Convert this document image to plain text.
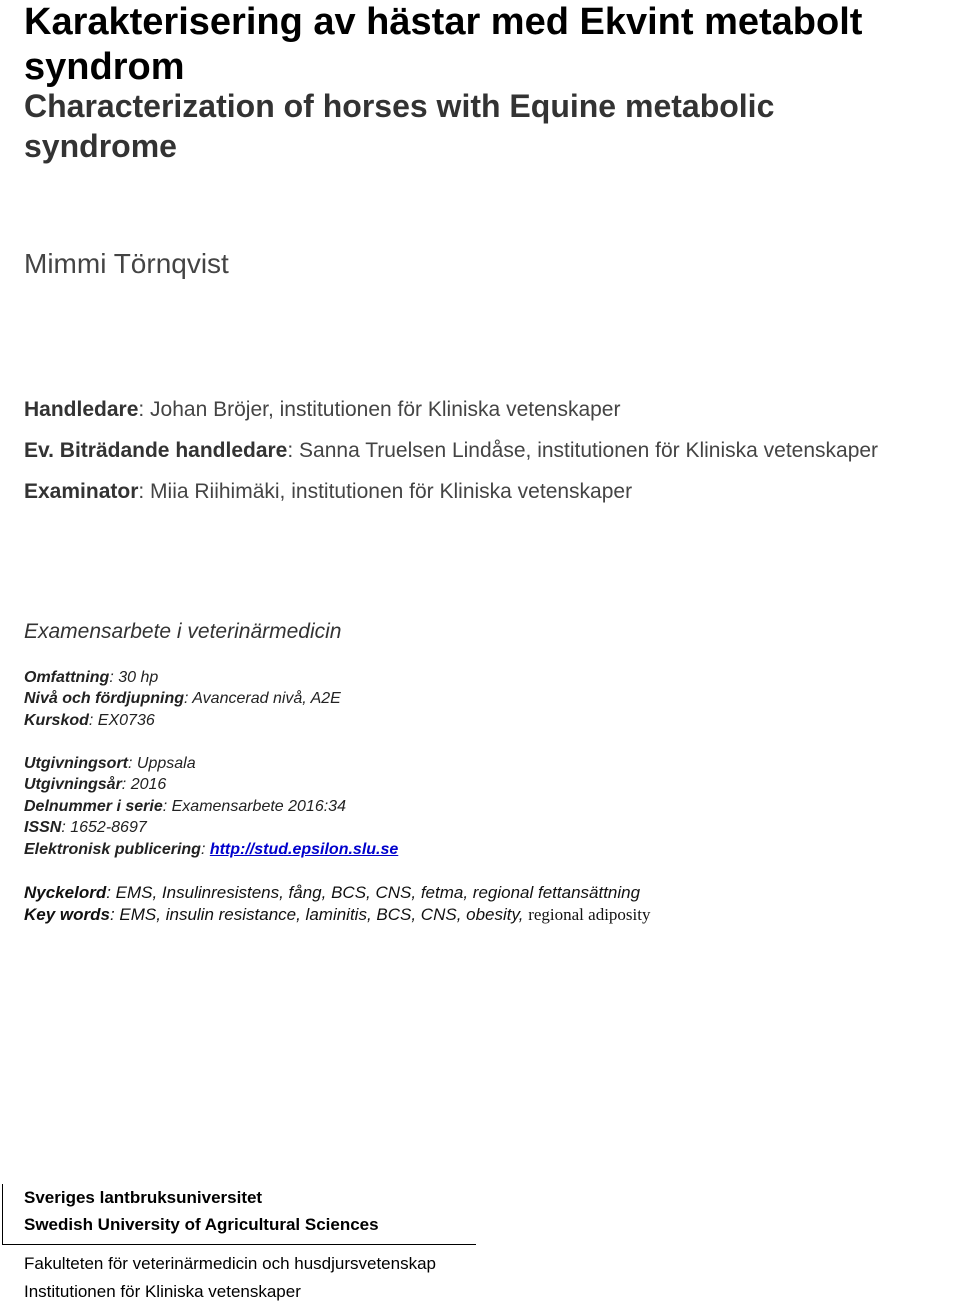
Karakterisering av hästar med Ekvint metabolt syndrom
Characterization of horses with Equine metabolic syndrome
Mimmi Törnqvist
Handledare: Johan Bröjer, institutionen för Kliniska vetenskaper
Ev. Biträdande handledare: Sanna Truelsen Lindåse, institutionen för Kliniska vetenskaper
Examinator: Miia Riihimäki, institutionen för Kliniska vetenskaper
Examensarbete i veterinärmedicin
Omfattning: 30 hp
Nivå och fördjupning: Avancerad nivå, A2E
Kurskod: EX0736
Utgivningsort: Uppsala
Utgivningsår: 2016
Delnummer i serie: Examensarbete 2016:34
ISSN: 1652-8697
Elektronisk publicering: http://stud.epsilon.slu.se
Nyckelord: EMS, Insulinresistens, fång, BCS, CNS, fetma, regional fettansättning
Key words: EMS, insulin resistance, laminitis, BCS, CNS, obesity, regional adiposity
Sveriges lantbruksuniversitet
Swedish University of Agricultural Sciences
Fakulteten för veterinärmedicin och husdjursvetenskap
Institutionen för Kliniska vetenskaper
